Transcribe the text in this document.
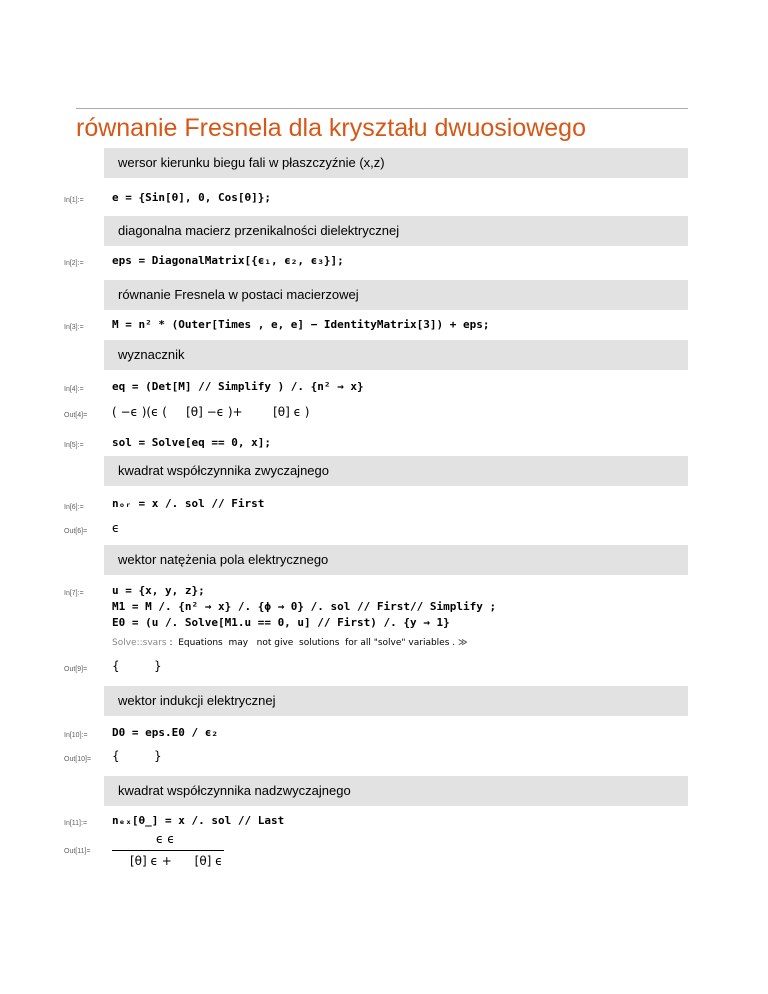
równanie Fresnela dla kryształu dwuosiowego
wersor kierunku biegu fali w płaszczyźnie (x,z)
In[1]:=	e = {Sin[θ], 0, Cos[θ]};
diagonalna macierz przenikalności dielektrycznej
In[2]:=	eps = DiagonalMatrix[{ϵ₁, ϵ₂, ϵ₃}];
równanie Fresnela w postaci macierzowej
In[3]:=	M = n² * (Outer[Times , e, e] − IdentityMatrix[3]) + eps;
wyznacznik
In[4]:=	eq = (Det[M] // Simplify ) /. {n² → x}
Out[4]=	( −ϵ )(ϵ (     [θ] −ϵ )+        [θ] ϵ )
In[5]:=	sol = Solve[eq == 0, x];
kwadrat współczynnika zwyczajnego
In[6]:=	nₒᵣ = x /. sol // First
Out[6]=	ϵ
wektor natężenia pola elektrycznego
In[7]:=	u = {x, y, z};
M1 = M /. {n² → x} /. {ϕ → 0} /. sol // First// Simplify ;
E0 = (u /. Solve[M1.u == 0, u] // First) /. {y → 1}
Solve::svars :  Equations  may   not give  solutions  for all "solve" variables . ≫
Out[9]=	{         }
wektor indukcji elektrycznej
In[10]:=	D0 = eps.E0 / ϵ₂
Out[10]=	{         }
kwadrat współczynnika nadzwyczajnego
In[11]:=	nₑₓ[θ_] = x /. sol // Last
Out[11]=
ϵ ϵ
[θ] ϵ +      [θ] ϵ
